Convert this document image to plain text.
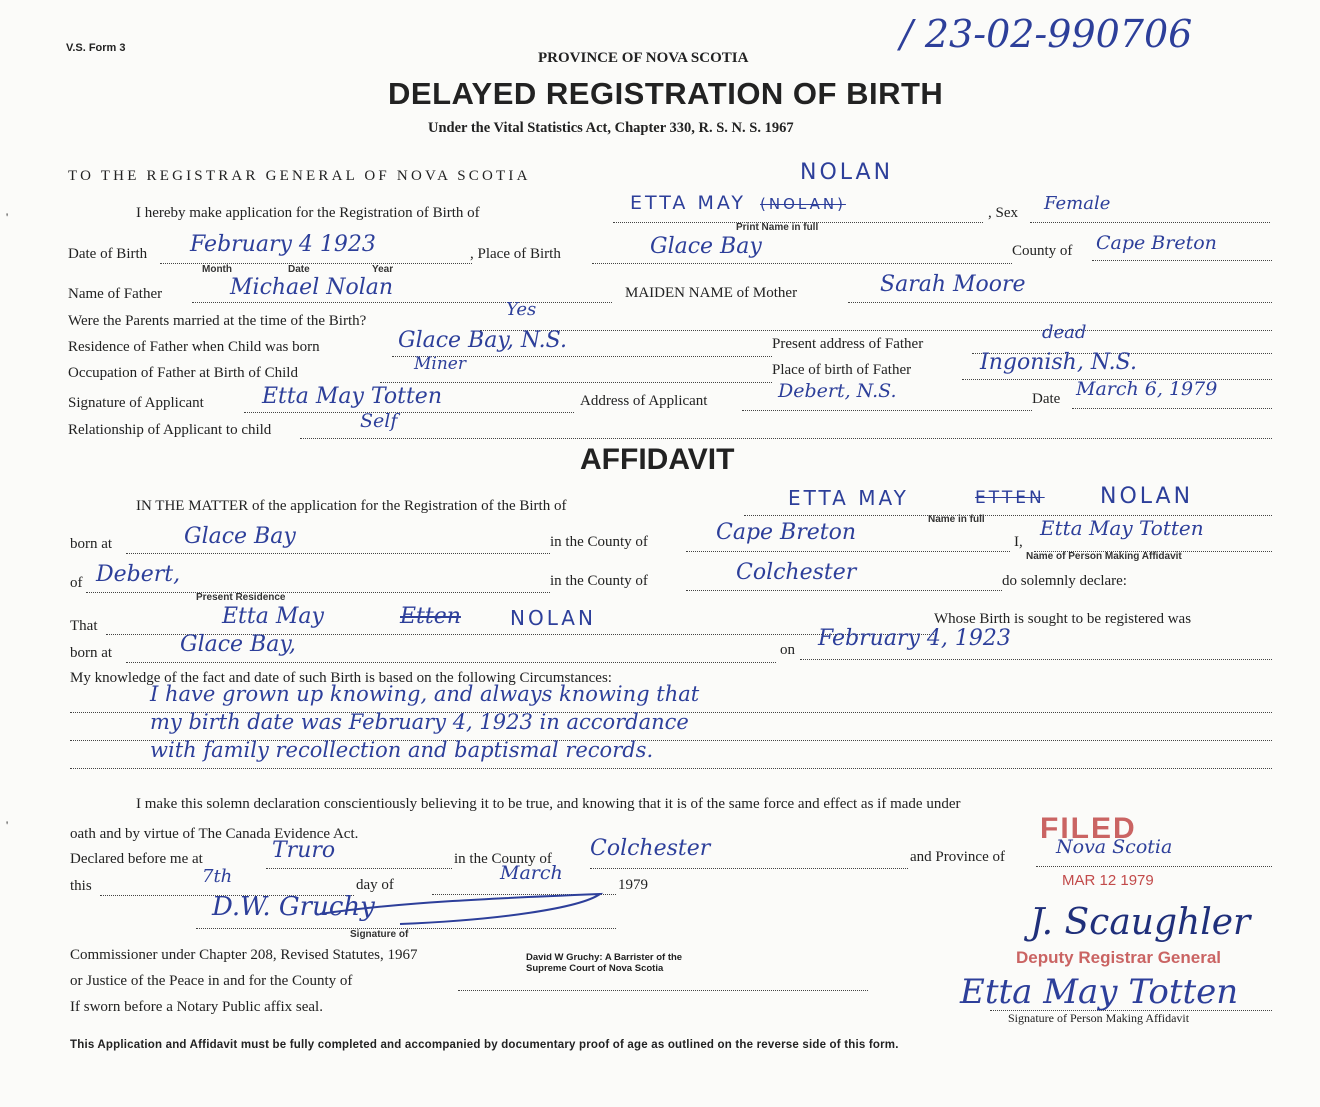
V.S. Form 3	/ 23-02-990706
PROVINCE OF NOVA SCOTIA
DELAYED REGISTRATION OF BIRTH
Under the Vital Statistics Act, Chapter 330, R. S. N. S. 1967
TO THE REGISTRAR GENERAL OF NOVA SCOTIA
I hereby make application for the Registration of Birth of	ETTA MAY (NOLAN)
NOLAN
Print Name in full
, Sex Female
Date of Birth February 4 1923
Month	Date	Year
, Place of Birth	Glace Bay	County of Cape Breton
Name of Father	Michael Nolan	MAIDEN NAME of Mother	Sarah Moore
Were the Parents married at the time of the Birth?
Yes
Residence of Father when Child was born	Glace Bay, N.S.	Present address of Father
dead
Occupation of Father at Birth of Child	Miner	Place of birth of Father	Ingonish, N.S.
Signature of Applicant	Etta May Totten	Address of Applicant	Debert, N.S.	Date March 6, 1979
Relationship of Applicant to child	Self
AFFIDAVIT
IN THE MATTER of the application for the Registration of the Birth of	ETTA MAY	ETTEN	NOLAN
Name in full
born at	Glace Bay	in the County of	Cape Breton	I,
Etta May Totten
Name of Person Making Affidavit
of Debert,
Present Residence
in the County of	Colchester	do solemnly declare:
That	Etta May	Etten NOLAN	Whose Birth is sought to be registered was
born at	Glace Bay,	on February 4, 1923
My knowledge of the fact and date of such Birth is based on the following Circumstances:
I have grown up knowing, and always knowing that
my birth date was February 4, 1923 in accordance
with family recollection and baptismal records.
I make this solemn declaration conscientiously believing it to be true, and knowing that it is of the same force and effect as if made under
oath and by virtue of The Canada Evidence Act.
Declared before me at	Truro	in the County of Colchester	and Province of	Nova Scotia
this	7th	day of
March
1979
D.W. Gruchy
Signature of
Commissioner under Chapter 208, Revised Statutes, 1967	David W Gruchy: A Barrister of the
Supreme Court of Nova Scotia
or Justice of the Peace in and for the County of
If sworn before a Notary Public affix seal.
FILED
MAR 12 1979
J. Scaughler
Deputy Registrar General
Etta May Totten
Signature of Person Making Affidavit
This Application and Affidavit must be fully completed and accompanied by documentary proof of age as outlined on the reverse side of this form.
'
'
